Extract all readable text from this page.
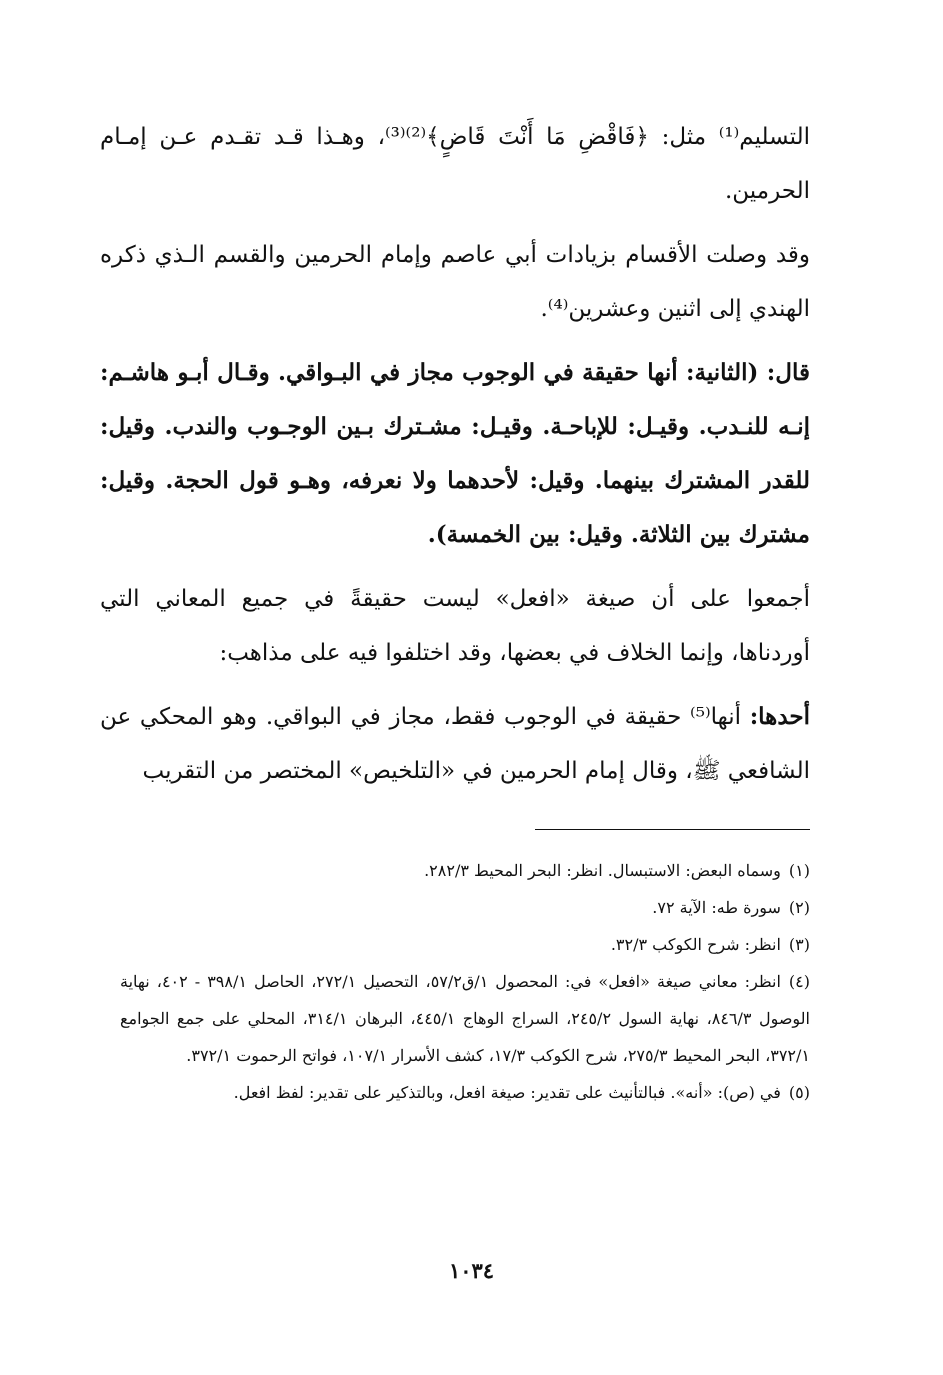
التسليم⁽¹⁾ مثل: ﴿فَاقْضِ مَا أَنْتَ قَاضٍ﴾⁽²⁾⁽³⁾، وهـذا قـد تقـدم عـن إمـام الحرمين.

وقد وصلت الأقسام بزيادات أبي عاصم وإمام الحرمين والقسم الـذي ذكره الهندي إلى اثنين وعشرين⁽⁴⁾.

قال: (الثانية: أنها حقيقة في الوجوب مجاز في البـواقي. وقـال أبـو هاشـم: إنـه للنـدب. وقيـل: للإباحـة. وقيـل: مشـترك بـين الوجـوب والندب. وقيل: للقدر المشترك بينهما. وقيل: لأحدهما ولا نعرفه، وهـو قول الحجة. وقيل: مشترك بين الثلاثة. وقيل: بين الخمسة).

أجمعوا على أن صيغة «افعل» ليست حقيقةً في جميع المعاني التي أوردناها، وإنما الخلاف في بعضها، وقد اختلفوا فيه على مذاهب:

أحدها: أنها⁽⁵⁾ حقيقة في الوجوب فقط، مجاز في البواقي. وهو المحكي عن الشافعي ﷺ، وقال إمام الحرمين في «التلخيص» المختصر من التقريب

(١)وسماه البعض: الاستبسال. انظر: البحر المحيط ٢٨٢/٣.

(٢)سورة طه: الآية ٧٢.

(٣)انظر: شرح الكوكب ٣٢/٣.

(٤)انظر: معاني صيغة «افعل» في: المحصول ١/ق٥٧/٢، التحصيل ٢٧٢/١، الحاصل ٣٩٨/١ - ٤٠٢، نهاية الوصول ٨٤٦/٣، نهاية السول ٢٤٥/٢، السراج الوهاج ٤٤٥/١، البرهان ٣١٤/١، المحلي على جمع الجوامع ٣٧٢/١، البحر المحيط ٢٧٥/٣، شرح الكوكب ١٧/٣، كشف الأسرار ١٠٧/١، فواتح الرحموت ٣٧٢/١.

(٥)في (ص): «أنه». فبالتأنيث على تقدير: صيغة افعل، وبالتذكير على تقدير: لفظ افعل.

١٠٣٤
